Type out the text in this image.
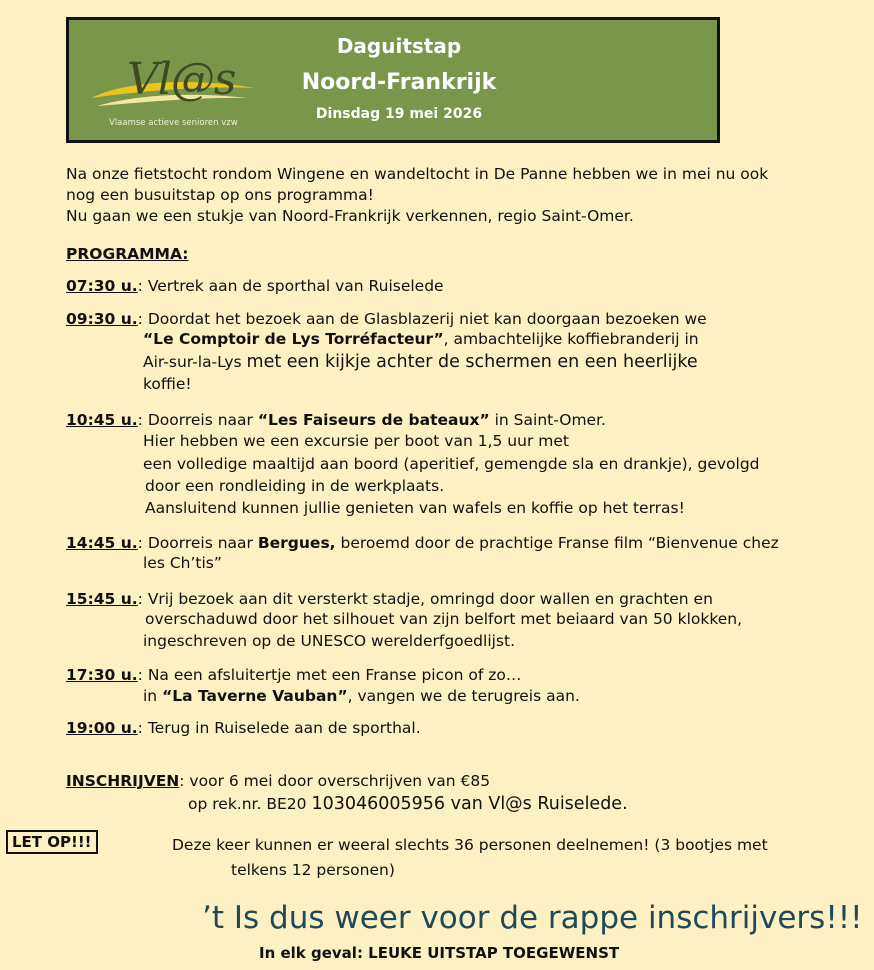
Vl@s
Vlaamse actieve senioren vzw
Daguitstap
Noord-Frankrijk
Dinsdag 19 mei 2026
Na onze fietstocht rondom Wingene en wandeltocht in De Panne hebben we in mei nu ook
nog een busuitstap op ons programma!
Nu gaan we een stukje van Noord-Frankrijk verkennen, regio Saint-Omer.
PROGRAMMA:
07:30 u.: Vertrek aan de sporthal van Ruiselede
09:30 u.: Doordat het bezoek aan de Glasblazerij niet kan doorgaan bezoeken we
“Le Comptoir de Lys Torréfacteur”, ambachtelijke koffiebranderij in
Air-sur-la-Lys met een kijkje achter de schermen en een heerlijke
koffie!
10:45 u.: Doorreis naar “Les Faiseurs de bateaux” in Saint-Omer.
Hier hebben we een excursie per boot van 1,5 uur met
een volledige maaltijd aan boord (aperitief, gemengde sla en drankje), gevolgd
door een rondleiding in de werkplaats.
Aansluitend kunnen jullie genieten van wafels en koffie op het terras!
14:45 u.: Doorreis naar Bergues, beroemd door de prachtige Franse film “Bienvenue chez
les Ch’tis”
15:45 u.: Vrij bezoek aan dit versterkt stadje, omringd door wallen en grachten en
overschaduwd door het silhouet van zijn belfort met beiaard van 50 klokken,
ingeschreven op de UNESCO werelderfgoedlijst.
17:30 u.: Na een afsluitertje met een Franse picon of zo…
in “La Taverne Vauban”, vangen we de terugreis aan.
19:00 u.: Terug in Ruiselede aan de sporthal.
INSCHRIJVEN: voor 6 mei door overschrijven van €85
op rek.nr. BE20 103046005956 van Vl@s Ruiselede.
LET OP!!!	Deze keer kunnen er weeral slechts 36 personen deelnemen! (3 bootjes met
telkens 12 personen)
’t Is dus weer voor de rappe inschrijvers!!!
In elk geval: LEUKE UITSTAP TOEGEWENST
